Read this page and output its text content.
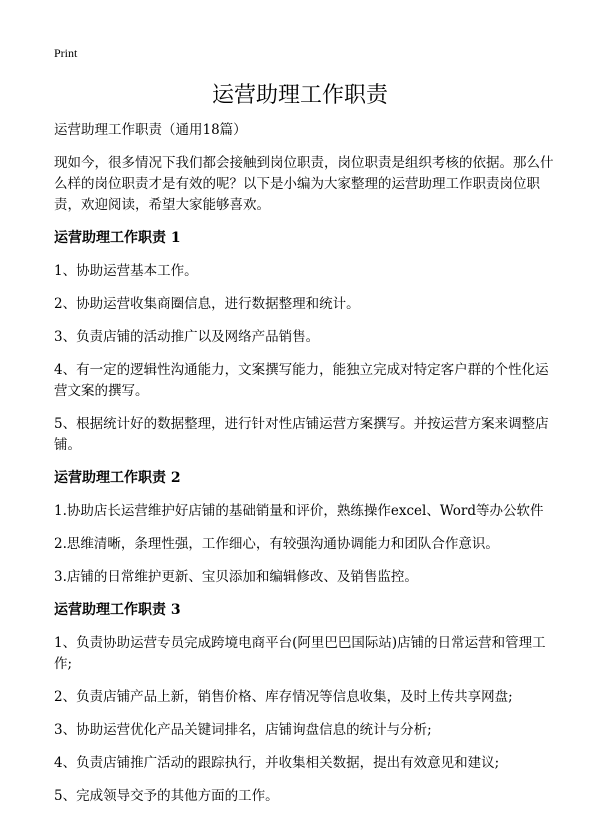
Print
运营助理工作职责

运营助理工作职责（通用18篇）

现如今，很多情况下我们都会接触到岗位职责，岗位职责是组织考核的依据。那么什么样的岗位职责才是有效的呢？以下是小编为大家整理的运营助理工作职责岗位职责，欢迎阅读，希望大家能够喜欢。

运营助理工作职责 1

1、协助运营基本工作。

2、协助运营收集商圈信息，进行数据整理和统计。

3、负责店铺的活动推广以及网络产品销售。

4、有一定的逻辑性沟通能力，文案撰写能力，能独立完成对特定客户群的个性化运营文案的撰写。

5、根据统计好的数据整理，进行针对性店铺运营方案撰写。并按运营方案来调整店铺。

运营助理工作职责 2

1.协助店长运营维护好店铺的基础销量和评价，熟练操作excel、Word等办公软件

2.思维清晰，条理性强，工作细心，有较强沟通协调能力和团队合作意识。

3.店铺的日常维护更新、宝贝添加和编辑修改、及销售监控。

运营助理工作职责 3

1、负责协助运营专员完成跨境电商平台(阿里巴巴国际站)店铺的日常运营和管理工作;

2、负责店铺产品上新，销售价格、库存情况等信息收集，及时上传共享网盘;

3、协助运营优化产品关键词排名，店铺询盘信息的统计与分析;

4、负责店铺推广活动的跟踪执行，并收集相关数据，提出有效意见和建议;

5、完成领导交予的其他方面的工作。
